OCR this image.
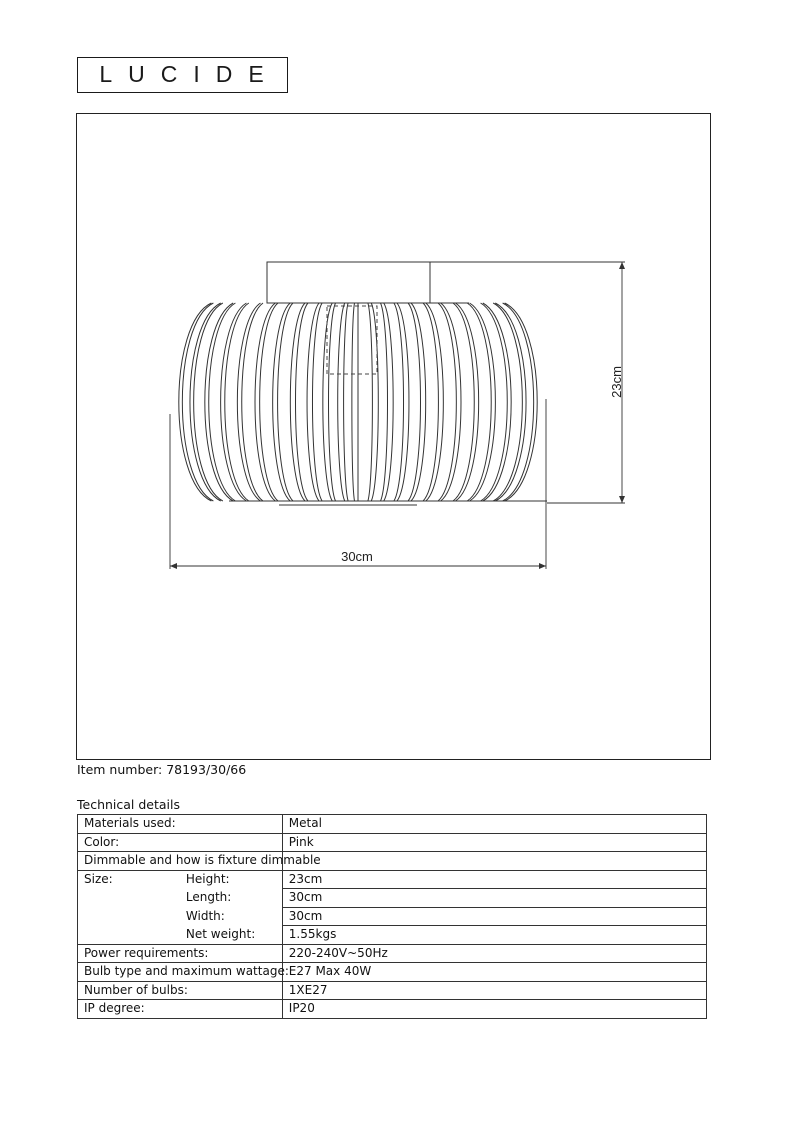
LUCIDE
23cm
30cm
Item number: 78193/30/66
Technical details
Materials used:		Metal
Color:		Pink
Dimmable and how is fixture dimmable		
Size:	Height:	23cm
	Length:	30cm
	Width:	30cm
	Net weight:	1.55kgs
Power requirements:		220-240V~50Hz
Bulb type and maximum wattage:		E27 Max 40W
Number of bulbs:		1XE27
IP degree:		IP20
